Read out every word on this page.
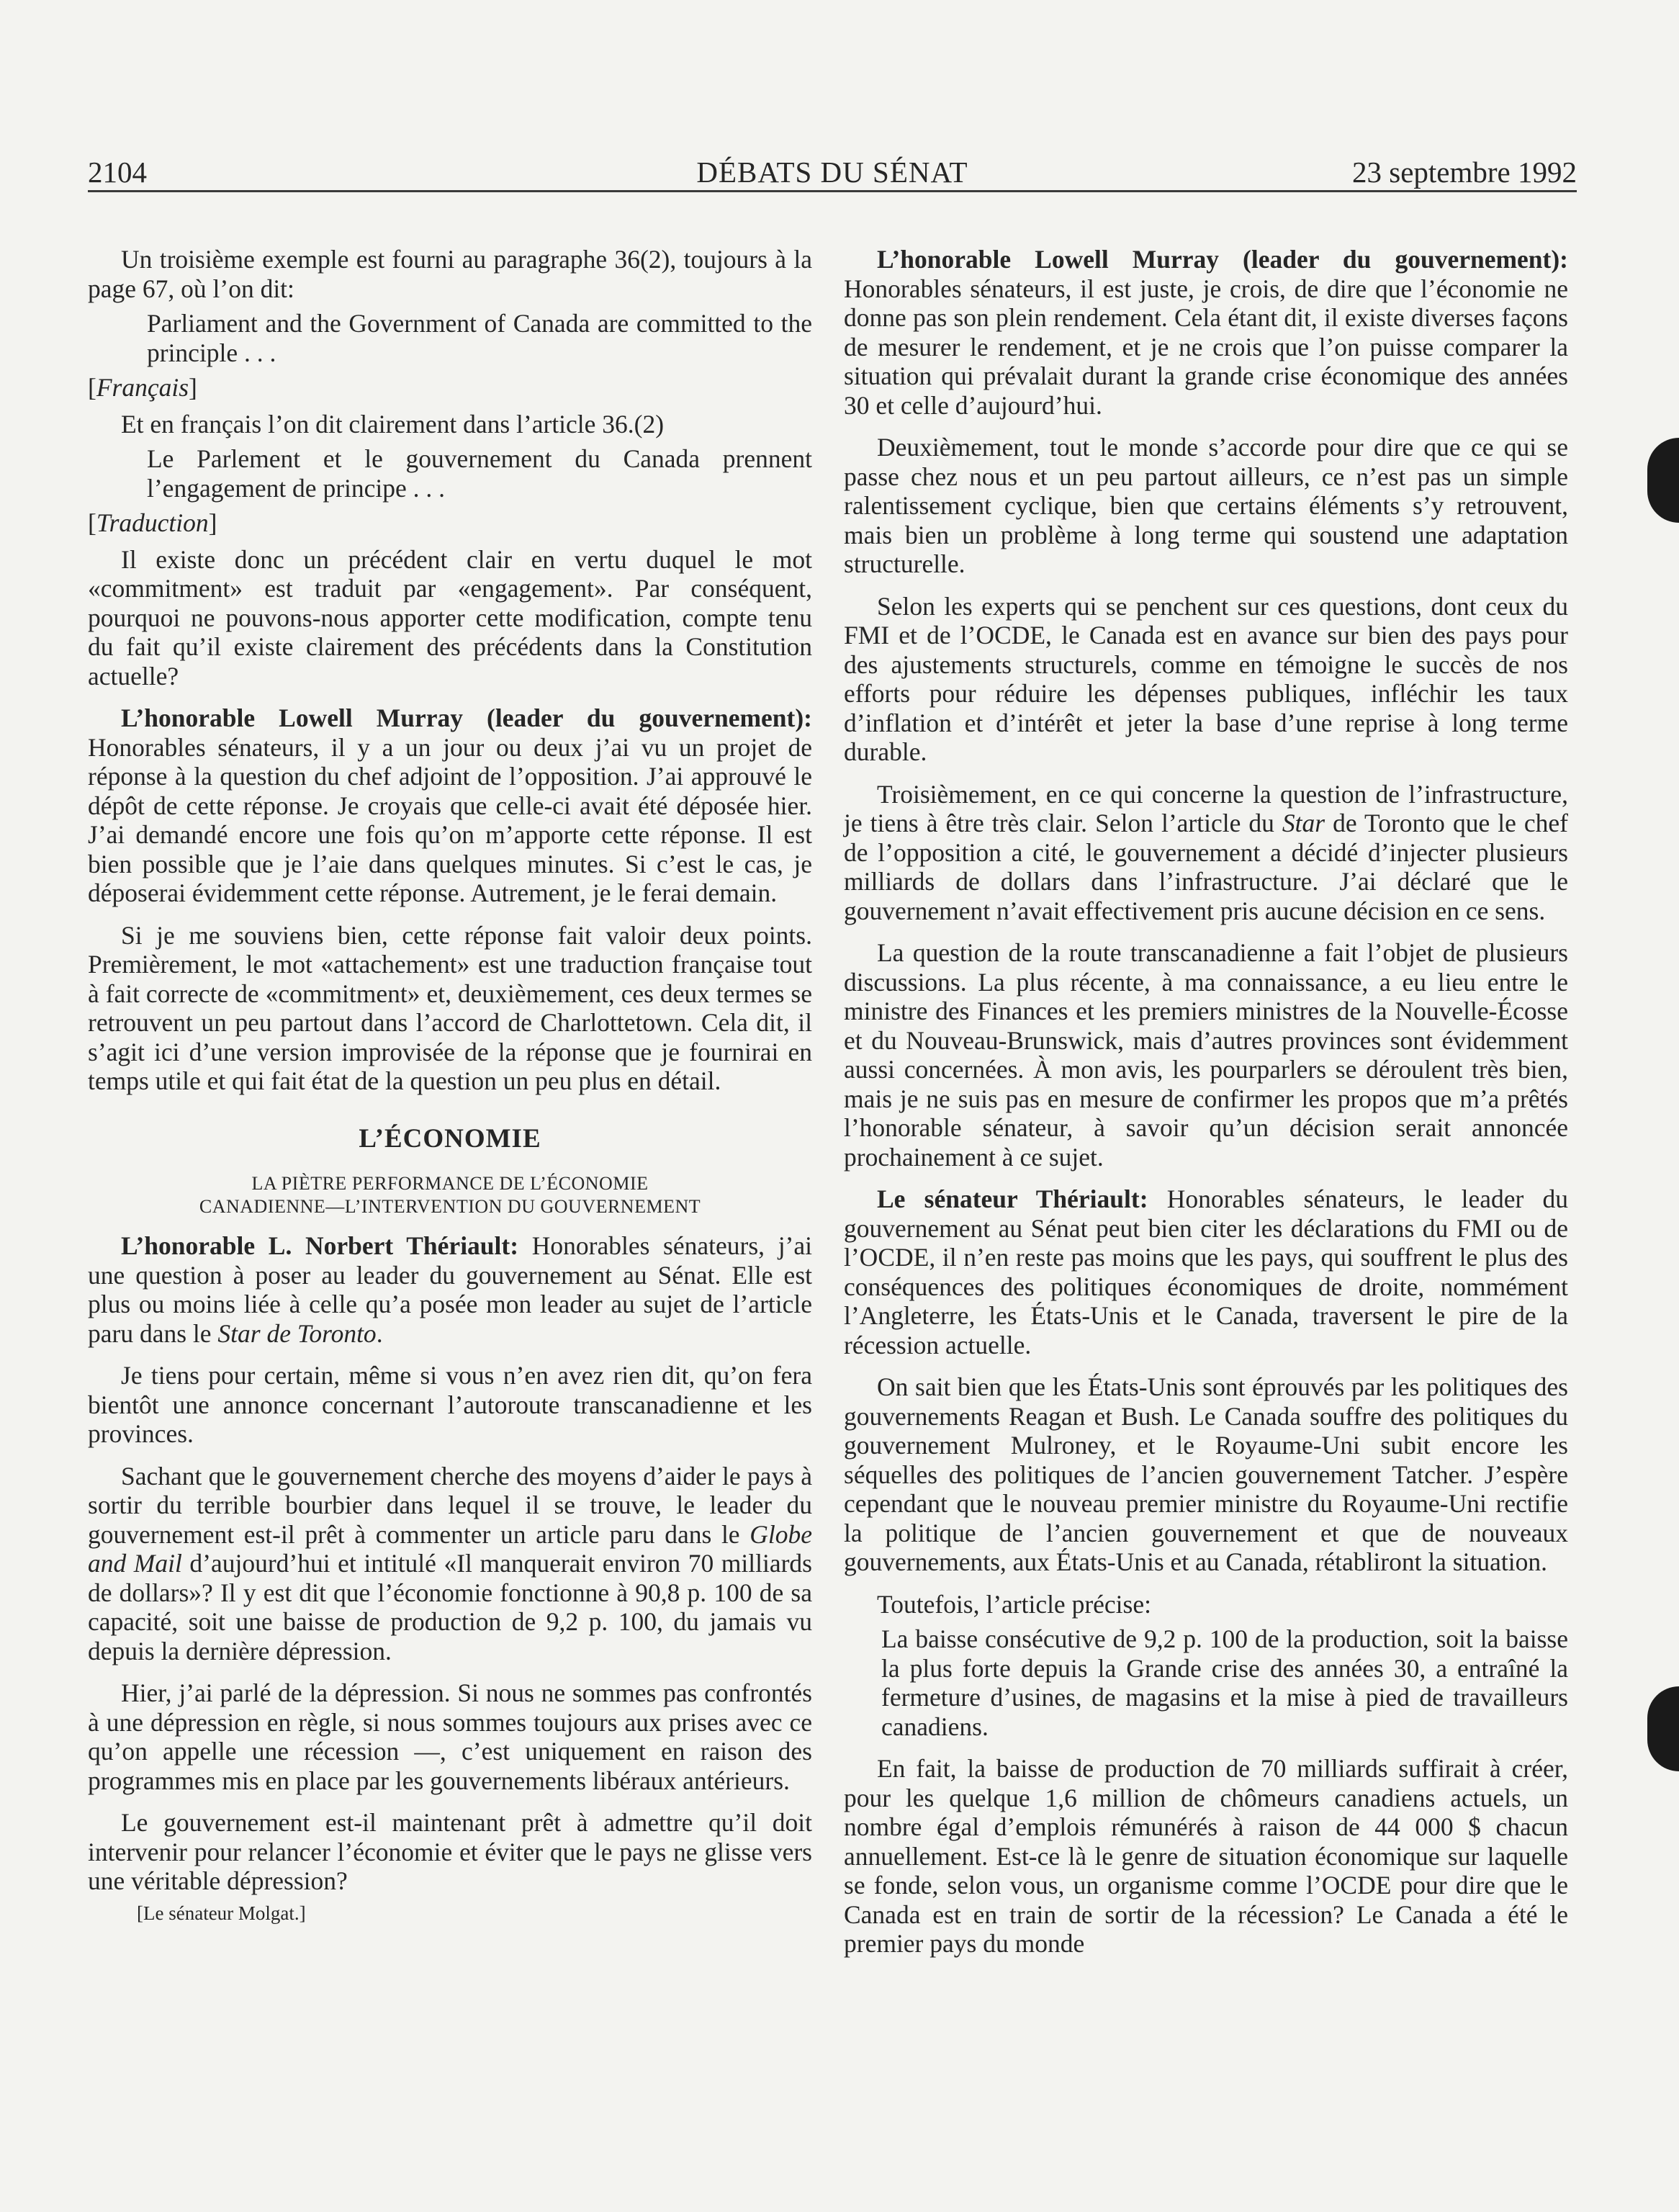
2104	DÉBATS DU SÉNAT	23 septembre 1992

Un troisième exemple est fourni au paragraphe 36(2), toujours à la page 67, où l’on dit:

Parliament and the Government of Canada are committed to the principle . . .

[Français]

Et en français l’on dit clairement dans l’article 36.(2)

Le Parlement et le gouvernement du Canada prennent l’engagement de principe . . .

[Traduction]

Il existe donc un précédent clair en vertu duquel le mot «commitment» est traduit par «engagement». Par conséquent, pourquoi ne pouvons-nous apporter cette modification, compte tenu du fait qu’il existe clairement des précédents dans la Constitution actuelle?

L’honorable Lowell Murray (leader du gouvernement): Honorables sénateurs, il y a un jour ou deux j’ai vu un projet de réponse à la question du chef adjoint de l’opposition. J’ai approuvé le dépôt de cette réponse. Je croyais que celle-ci avait été déposée hier. J’ai demandé encore une fois qu’on m’apporte cette réponse. Il est bien possible que je l’aie dans quelques minutes. Si c’est le cas, je déposerai évidemment cette réponse. Autrement, je le ferai demain.

Si je me souviens bien, cette réponse fait valoir deux points. Premièrement, le mot «attachement» est une traduction française tout à fait correcte de «commitment» et, deuxièmement, ces deux termes se retrouvent un peu partout dans l’accord de Charlottetown. Cela dit, il s’agit ici d’une version improvisée de la réponse que je fournirai en temps utile et qui fait état de la question un peu plus en détail.

L’ÉCONOMIE
LA PIÈTRE PERFORMANCE DE L’ÉCONOMIE
CANADIENNE—L’INTERVENTION DU GOUVERNEMENT

L’honorable L. Norbert Thériault: Honorables sénateurs, j’ai une question à poser au leader du gouvernement au Sénat. Elle est plus ou moins liée à celle qu’a posée mon leader au sujet de l’article paru dans le Star de Toronto.

Je tiens pour certain, même si vous n’en avez rien dit, qu’on fera bientôt une annonce concernant l’autoroute transcanadienne et les provinces.

Sachant que le gouvernement cherche des moyens d’aider le pays à sortir du terrible bourbier dans lequel il se trouve, le leader du gouvernement est-il prêt à commenter un article paru dans le Globe and Mail d’aujourd’hui et intitulé «Il manquerait environ 70 milliards de dollars»? Il y est dit que l’économie fonctionne à 90,8 p. 100 de sa capacité, soit une baisse de production de 9,2 p. 100, du jamais vu depuis la dernière dépression.

Hier, j’ai parlé de la dépression. Si nous ne sommes pas confrontés à une dépression en règle, si nous sommes toujours aux prises avec ce qu’on appelle une récession —, c’est uniquement en raison des programmes mis en place par les gouvernements libéraux antérieurs.

Le gouvernement est-il maintenant prêt à admettre qu’il doit intervenir pour relancer l’économie et éviter que le pays ne glisse vers une véritable dépression?

[Le sénateur Molgat.]

L’honorable Lowell Murray (leader du gouvernement): Honorables sénateurs, il est juste, je crois, de dire que l’économie ne donne pas son plein rendement. Cela étant dit, il existe diverses façons de mesurer le rendement, et je ne crois que l’on puisse comparer la situation qui prévalait durant la grande crise économique des années 30 et celle d’aujourd’hui.

Deuxièmement, tout le monde s’accorde pour dire que ce qui se passe chez nous et un peu partout ailleurs, ce n’est pas un simple ralentissement cyclique, bien que certains éléments s’y retrouvent, mais bien un problème à long terme qui soustend une adaptation structurelle.

Selon les experts qui se penchent sur ces questions, dont ceux du FMI et de l’OCDE, le Canada est en avance sur bien des pays pour des ajustements structurels, comme en témoigne le succès de nos efforts pour réduire les dépenses publiques, infléchir les taux d’inflation et d’intérêt et jeter la base d’une reprise à long terme durable.

Troisièmement, en ce qui concerne la question de l’infrastructure, je tiens à être très clair. Selon l’article du Star de Toronto que le chef de l’opposition a cité, le gouvernement a décidé d’injecter plusieurs milliards de dollars dans l’infrastructure. J’ai déclaré que le gouvernement n’avait effectivement pris aucune décision en ce sens.

La question de la route transcanadienne a fait l’objet de plusieurs discussions. La plus récente, à ma connaissance, a eu lieu entre le ministre des Finances et les premiers ministres de la Nouvelle-Écosse et du Nouveau-Brunswick, mais d’autres provinces sont évidemment aussi concernées. À mon avis, les pourparlers se déroulent très bien, mais je ne suis pas en mesure de confirmer les propos que m’a prêtés l’honorable sénateur, à savoir qu’un décision serait annoncée prochainement à ce sujet.

Le sénateur Thériault: Honorables sénateurs, le leader du gouvernement au Sénat peut bien citer les déclarations du FMI ou de l’OCDE, il n’en reste pas moins que les pays, qui souffrent le plus des conséquences des politiques économiques de droite, nommément l’Angleterre, les États-Unis et le Canada, traversent le pire de la récession actuelle.

On sait bien que les États-Unis sont éprouvés par les politiques des gouvernements Reagan et Bush. Le Canada souffre des politiques du gouvernement Mulroney, et le Royaume-Uni subit encore les séquelles des politiques de l’ancien gouvernement Tatcher. J’espère cependant que le nouveau premier ministre du Royaume-Uni rectifie la politique de l’ancien gouvernement et que de nouveaux gouvernements, aux États-Unis et au Canada, rétabliront la situation.

Toutefois, l’article précise:

La baisse consécutive de 9,2 p. 100 de la production, soit la baisse la plus forte depuis la Grande crise des années 30, a entraîné la fermeture d’usines, de magasins et la mise à pied de travailleurs canadiens.

En fait, la baisse de production de 70 milliards suffirait à créer, pour les quelque 1,6 million de chômeurs canadiens actuels, un nombre égal d’emplois rémunérés à raison de 44 000 $ chacun annuellement. Est-ce là le genre de situation économique sur laquelle se fonde, selon vous, un organisme comme l’OCDE pour dire que le Canada est en train de sortir de la récession? Le Canada a été le premier pays du monde
